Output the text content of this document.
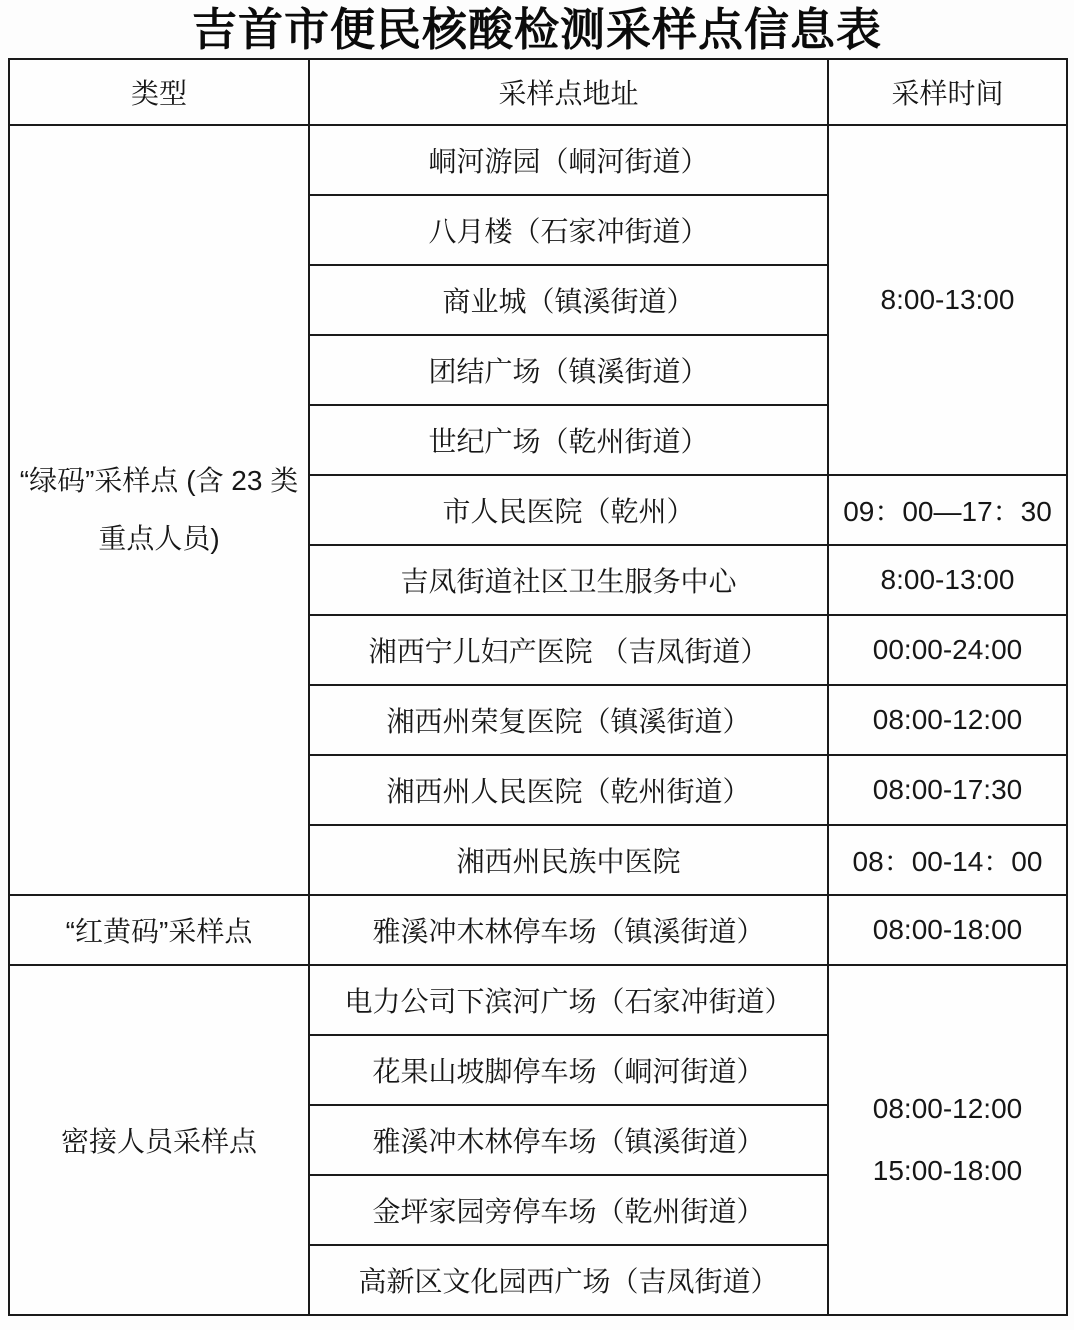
吉首市便民核酸检测采样点信息表
类型	采样点地址	采样时间

“绿码”采样点 (含 23 类
重点人员)	峒河游园（峒河街道）	8:00-13:00
	八月楼（石家冲街道）	
	商业城（镇溪街道）	
	团结广场（镇溪街道）	
	世纪广场（乾州街道）	
	市人民医院（乾州）	09：00—17：30
	吉凤街道社区卫生服务中心	8:00-13:00
	湘西宁儿妇产医院 （吉凤街道）	00:00-24:00
	湘西州荣复医院（镇溪街道）	08:00-12:00
	湘西州人民医院（乾州街道）	08:00-17:30
	湘西州民族中医院	08：00-14：00
“红黄码”采样点	雅溪冲木林停车场（镇溪街道）	08:00-18:00
密接人员采样点	电力公司下滨河广场（石家冲街道）	08:00-12:00
15:00-18:00

	花果山坡脚停车场（峒河街道）	
	雅溪冲木林停车场（镇溪街道）	
	金坪家园旁停车场（乾州街道）	
	高新区文化园西广场（吉凤街道）	
